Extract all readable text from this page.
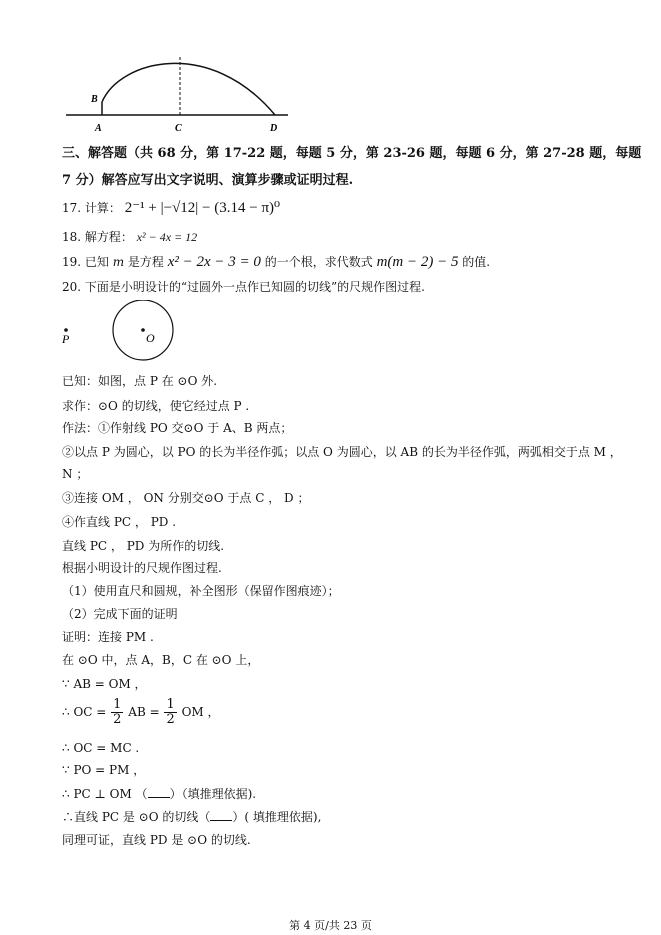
B
A	C	D
三、解答题（共 68 分，第 17-22 题，每题 5 分，第 23-26 题，每题 6 分，第 27-28 题，每题
7 分）解答应写出文字说明、演算步骤或证明过程.
17. 计算： 2⁻¹ + |−√12| − (3.14 − π)⁰
18. 解方程： x² − 4x = 12
19. 已知 m 是方程 x² − 2x − 3 = 0 的一个根，求代数式 m(m − 2) − 5 的值.
20. 下面是小明设计的“过圆外一点作已知圆的切线”的尺规作图过程.
P	O
已知：如图，点 P 在 ⊙O 外.
求作：⊙O 的切线，使它经过点 P .
作法：①作射线 PO 交⊙O 于 A、B 两点；
②以点 P 为圆心，以 PO 的长为半径作弧；以点 O 为圆心，以 AB 的长为半径作弧，两弧相交于点 M ，
N ；
③连接 OM ， ON 分别交⊙O 于点 C ， D ；
④作直线 PC ， PD .
直线 PC ， PD 为所作的切线.
根据小明设计的尺规作图过程.
（1）使用直尺和圆规，补全图形（保留作图痕迹）；
（2）完成下面的证明
证明：连接 PM .
在 ⊙O 中，点 A，B，C 在 ⊙O 上，
∵ AB = OM ，
∴ OC = $\frac{1}{2}$ AB = $\frac{1}{2}$ OM ，
∴ OC = MC .
∵ PO = PM ，
∴ PC ⊥ OM （ ）（填推理依据).
∴直线 PC 是 ⊙O 的切线（ ）( 填推理依据),
同理可证，直线 PD 是 ⊙O 的切线.
第 4 页/共 23 页
